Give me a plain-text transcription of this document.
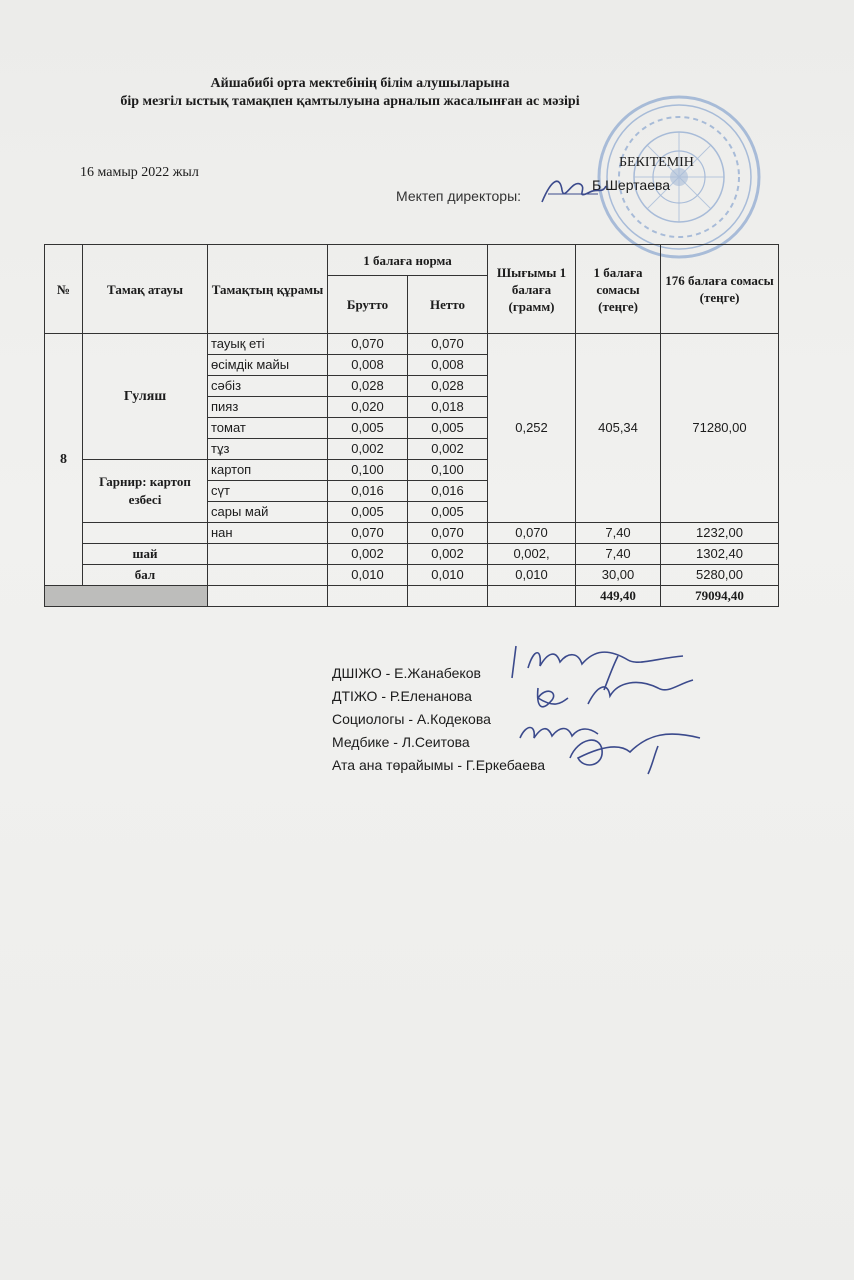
Айшабибі орта мектебінің білім алушыларына
бір мезгіл ыстық тамақпен қамтылуына арналып жасалынған ас мәзірі
16 мамыр 2022 жыл
БЕКІТЕМІН
Мектеп директоры:
Б.Шертаева
№	Тамақ атауы	Тамақтың құрамы	1 балаға норма		Шығымы 1 балаға (грамм)	1 балаға сомасы (теңге)	176 балаға сомасы (теңге)
			Брутто	Нетто			
8	Гуляш	тауық еті	0,070	0,070	0,252	405,34	71280,00
		өсімдік майы	0,008	0,008			
		сәбіз	0,028	0,028			
		пияз	0,020	0,018			
		томат	0,005	0,005			
		тұз	0,002	0,002			
	Гарнир: картоп езбесі	картоп	0,100	0,100			
		сүт	0,016	0,016			
		сары май	0,005	0,005			
		нан	0,070	0,070	0,070	7,40	1232,00
	шай		0,002	0,002	0,002,	7,40	1302,40
	бал		0,010	0,010	0,010	30,00	5280,00
						449,40	79094,40
ДШІЖО - Е.Жанабеков
ДТІЖО - Р.Еленанова
Социологы - А.Кодекова
Медбике - Л.Сеитова
Ата ана төрайымы - Г.Еркебаева
